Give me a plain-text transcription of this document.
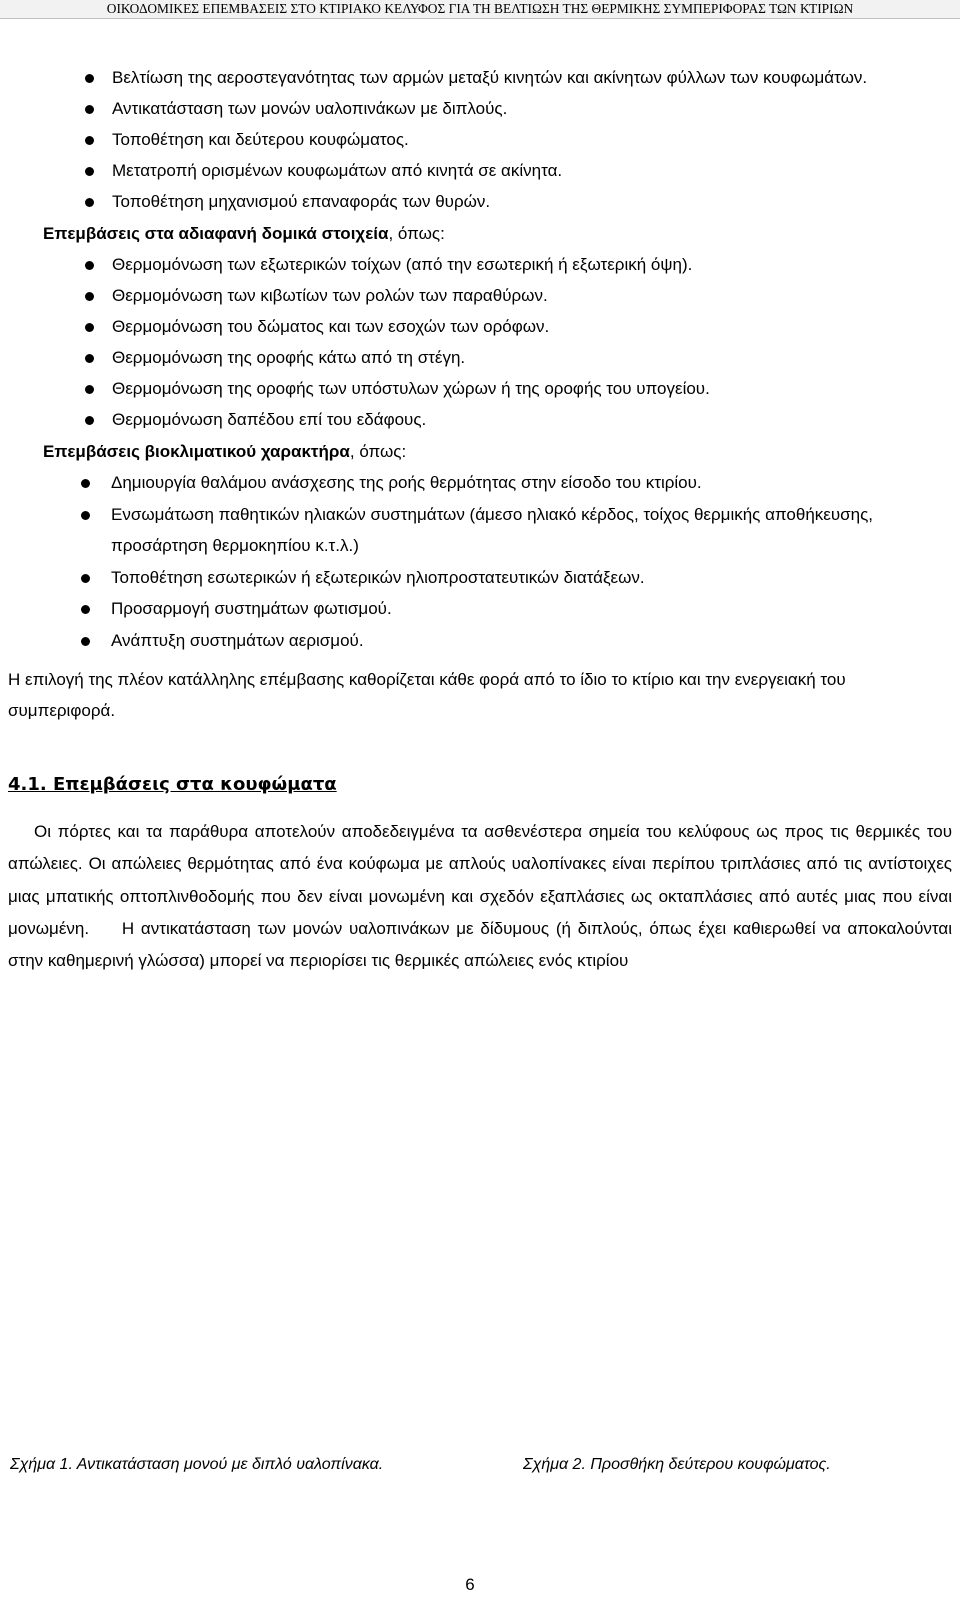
ΟΙΚΟΔΟΜΙΚΕΣ ΕΠΕΜΒΑΣΕΙΣ ΣΤΟ ΚΤΙΡΙΑΚΟ ΚΕΛΥΦΟΣ ΓΙΑ ΤΗ ΒΕΛΤΙΩΣΗ ΤΗΣ ΘΕΡΜΙΚΗΣ ΣΥΜΠΕΡΙΦΟΡΑΣ ΤΩΝ ΚΤΙΡΙΩΝ
Βελτίωση της αεροστεγανότητας των αρμών μεταξύ κινητών και ακίνητων φύλλων των κουφωμάτων.
Αντικατάσταση των μονών υαλοπινάκων με διπλούς.
Τοποθέτηση και δεύτερου κουφώματος.
Μετατροπή ορισμένων κουφωμάτων από κινητά σε ακίνητα.
Τοποθέτηση μηχανισμού επαναφοράς των θυρών.
Επεμβάσεις στα αδιαφανή δομικά στοιχεία, όπως:
Θερμομόνωση των εξωτερικών τοίχων (από την εσωτερική ή εξωτερική όψη).
Θερμομόνωση των κιβωτίων των ρολών των παραθύρων.
Θερμομόνωση του δώματος και των εσοχών των ορόφων.
Θερμομόνωση της οροφής κάτω από τη στέγη.
Θερμομόνωση της οροφής των υπόστυλων χώρων ή της οροφής του υπογείου.
Θερμομόνωση δαπέδου επί του εδάφους.
Επεμβάσεις βιοκλιματικού χαρακτήρα, όπως:
Δημιουργία θαλάμου ανάσχεσης της ροής θερμότητας στην είσοδο του κτιρίου.
Ενσωμάτωση παθητικών ηλιακών συστημάτων (άμεσο ηλιακό κέρδος, τοίχος θερμικής αποθήκευσης, προσάρτηση θερμοκηπίου κ.τ.λ.)
Τοποθέτηση εσωτερικών ή εξωτερικών ηλιοπροστατευτικών διατάξεων.
Προσαρμογή συστημάτων φωτισμού.
Ανάπτυξη συστημάτων αερισμού.

Η επιλογή της πλέον κατάλληλης επέμβασης καθορίζεται κάθε φορά από το ίδιο το κτίριο και την ενεργειακή του συμπεριφορά.

4.1. Επεμβάσεις στα κουφώματα

Οι πόρτες και τα παράθυρα αποτελούν αποδεδειγμένα τα ασθενέστερα σημεία του κελύφους ως προς τις θερμικές του απώλειες. Οι απώλειες θερμότητας από ένα κούφωμα με απλούς υαλοπίνακες είναι περίπου τριπλάσιες από τις αντίστοιχες μιας μπατικής οπτοπλινθοδομής που δεν είναι μονωμένη και σχεδόν εξαπλάσιες ως οκταπλάσιες από αυτές μιας που είναι μονωμένη. Η αντικατάσταση των μονών υαλοπινάκων με δίδυμους (ή διπλούς, όπως έχει καθιερωθεί να αποκαλούνται στην καθημερινή γλώσσα) μπορεί να περιορίσει τις θερμικές απώλειες ενός κτιρίου

Σχήμα 1. Αντικατάσταση μονού με διπλό υαλοπίνακα.	Σχήμα 2. Προσθήκη δεύτερου κουφώματος.
6
